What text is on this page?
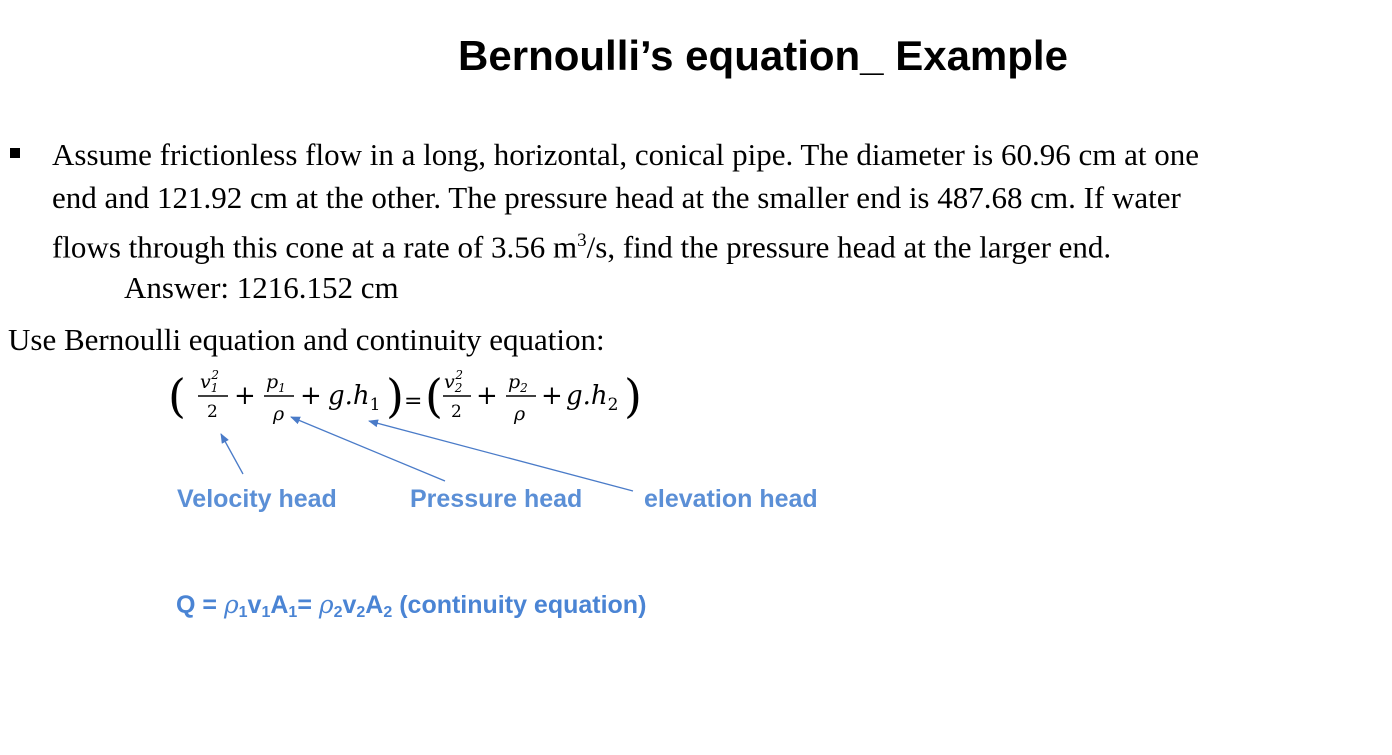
Bernoulli’s equation_ Example
Assume frictionless flow in a long, horizontal, conical pipe. The diameter is 60.96 cm at one
end and 121.92 cm at the other. The pressure head at the smaller end is 487.68 cm. If water
flows through this cone at a rate of 3.56 $m^3/s$, find the pressure head at the larger end.
Answer: 1216.152 cm
Use Bernoulli equation and continuity equation:
( $v_12$
2
+ $p_1$
ρ
+ $g.h_1$ ) = ( $v_22$
2
+ $p_2$
ρ
+ $g.h_2$ )
Velocity head	Pressure head elevation head
$Q = \rho_1v_1A_1= \rho_2v_2A_2$ (continuity equation)
